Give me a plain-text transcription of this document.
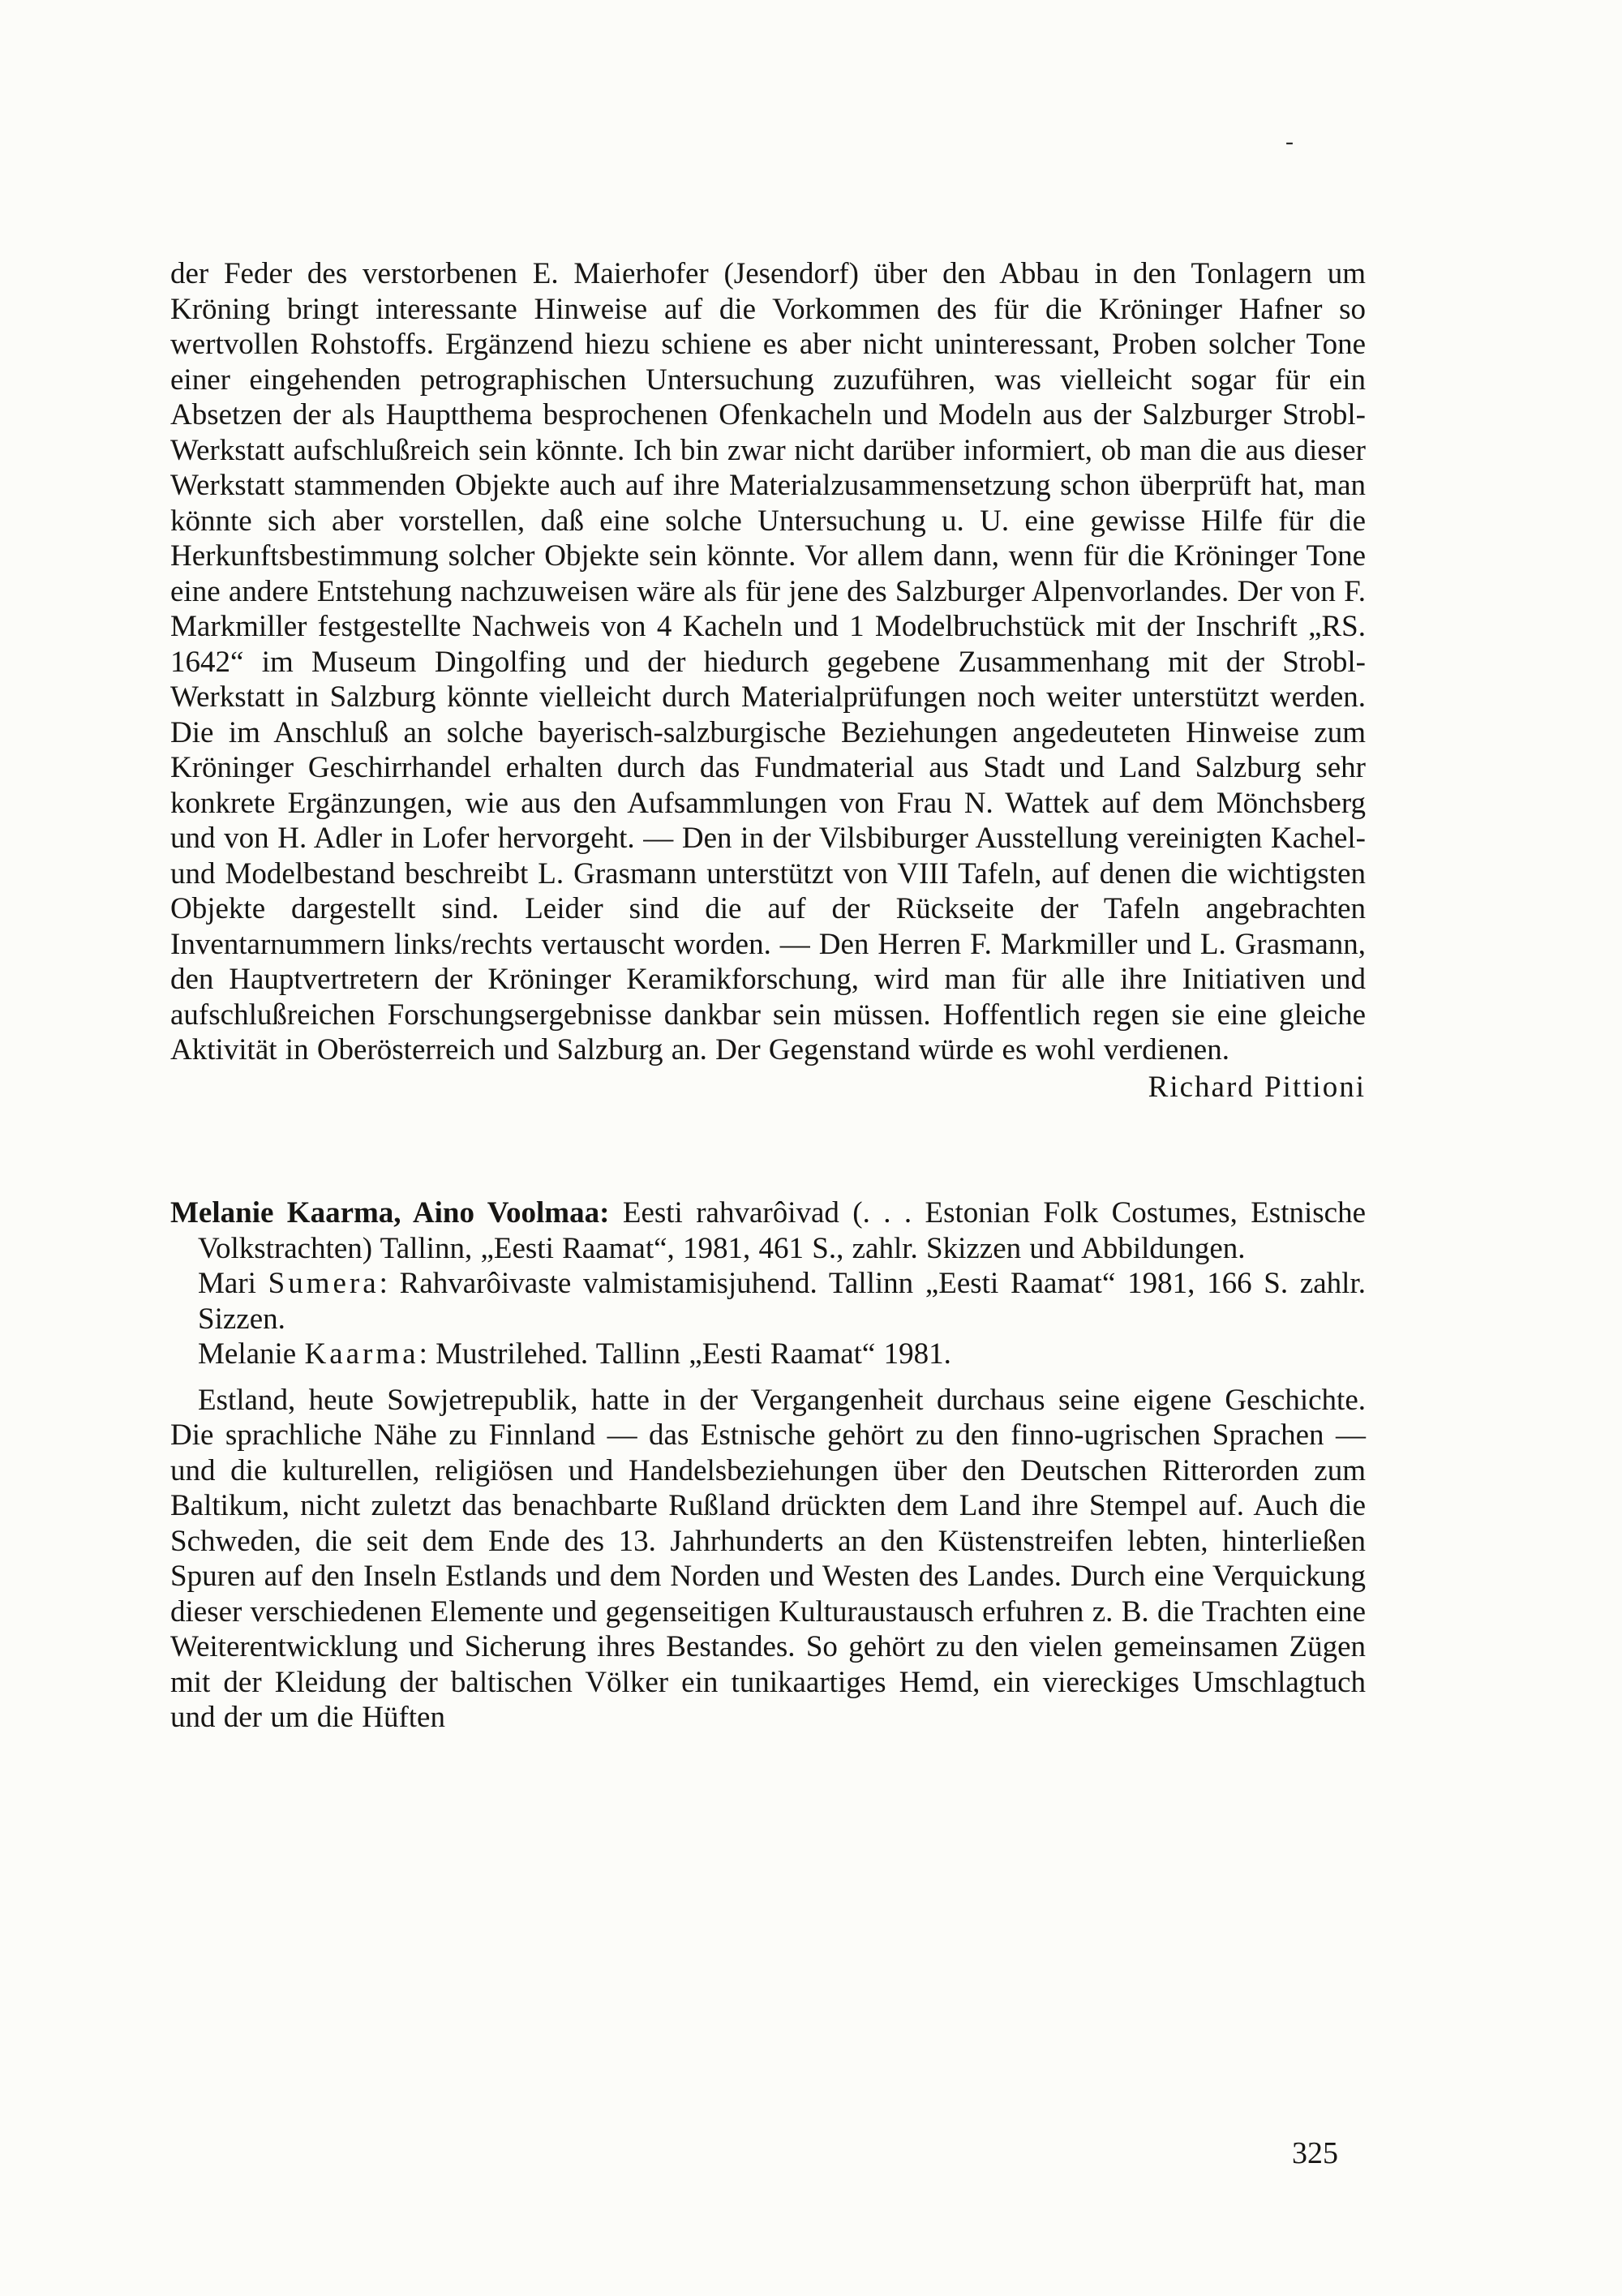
-

der Feder des verstorbenen E. Maierhofer (Jesendorf) über den Abbau in den Tonlagern um Kröning bringt interessante Hinweise auf die Vorkommen des für die Kröninger Hafner so wertvollen Rohstoffs. Ergänzend hiezu schiene es aber nicht uninteressant, Proben solcher Tone einer eingehenden petrographischen Untersuchung zuzuführen, was vielleicht sogar für ein Absetzen der als Hauptthema besprochenen Ofenkacheln und Modeln aus der Salzburger Strobl-Werkstatt aufschlußreich sein könnte. Ich bin zwar nicht darüber informiert, ob man die aus dieser Werkstatt stammenden Objekte auch auf ihre Materialzusammensetzung schon überprüft hat, man könnte sich aber vorstellen, daß eine solche Untersuchung u. U. eine gewisse Hilfe für die Herkunftsbestimmung solcher Objekte sein könnte. Vor allem dann, wenn für die Kröninger Tone eine andere Entstehung nachzuweisen wäre als für jene des Salzburger Alpenvorlandes. Der von F. Markmiller festgestellte Nachweis von 4 Kacheln und 1 Modelbruchstück mit der Inschrift „RS. 1642“ im Museum Dingolfing und der hiedurch gegebene Zusammenhang mit der Strobl-Werkstatt in Salzburg könnte vielleicht durch Materialprüfungen noch weiter unterstützt werden. Die im Anschluß an solche bayerisch-salzburgische Beziehungen angedeuteten Hinweise zum Kröninger Geschirrhandel erhalten durch das Fundmaterial aus Stadt und Land Salzburg sehr konkrete Ergänzungen, wie aus den Aufsammlungen von Frau N. Wattek auf dem Mönchsberg und von H. Adler in Lofer hervorgeht. — Den in der Vilsbiburger Ausstellung vereinigten Kachel- und Modelbestand beschreibt L. Grasmann unterstützt von VIII Tafeln, auf denen die wichtigsten Objekte dargestellt sind. Leider sind die auf der Rückseite der Tafeln angebrachten Inventarnummern links/rechts vertauscht worden. — Den Herren F. Markmiller und L. Grasmann, den Hauptvertretern der Kröninger Keramikforschung, wird man für alle ihre Initiativen und aufschlußreichen Forschungsergebnisse dankbar sein müssen. Hoffentlich regen sie eine gleiche Aktivität in Oberösterreich und Salzburg an. Der Gegenstand würde es wohl verdienen.

Richard Pittioni

Melanie Kaarma, Aino Voolmaa: Eesti rahvarôivad (. . . Estonian Folk Costumes, Estnische Volkstrachten) Tallinn, „Eesti Raamat“, 1981, 461 S., zahlr. Skizzen und Abbildungen.

Mari Sumera: Rahvarôivaste valmistamisjuhend. Tallinn „Eesti Raamat“ 1981, 166 S. zahlr. Sizzen.

Melanie Kaarma: Mustrilehed. Tallinn „Eesti Raamat“ 1981.

Estland, heute Sowjetrepublik, hatte in der Vergangenheit durchaus seine eigene Geschichte. Die sprachliche Nähe zu Finnland — das Estnische gehört zu den finno-ugrischen Sprachen — und die kulturellen, religiösen und Handelsbeziehungen über den Deutschen Ritterorden zum Baltikum, nicht zuletzt das benachbarte Rußland drückten dem Land ihre Stempel auf. Auch die Schweden, die seit dem Ende des 13. Jahrhunderts an den Küstenstreifen lebten, hinterließen Spuren auf den Inseln Estlands und dem Norden und Westen des Landes. Durch eine Verquickung dieser verschiedenen Elemente und gegenseitigen Kulturaustausch erfuhren z. B. die Trachten eine Weiterentwicklung und Sicherung ihres Bestandes. So gehört zu den vielen gemeinsamen Zügen mit der Kleidung der baltischen Völker ein tunikaartiges Hemd, ein viereckiges Umschlagtuch und der um die Hüften

325
